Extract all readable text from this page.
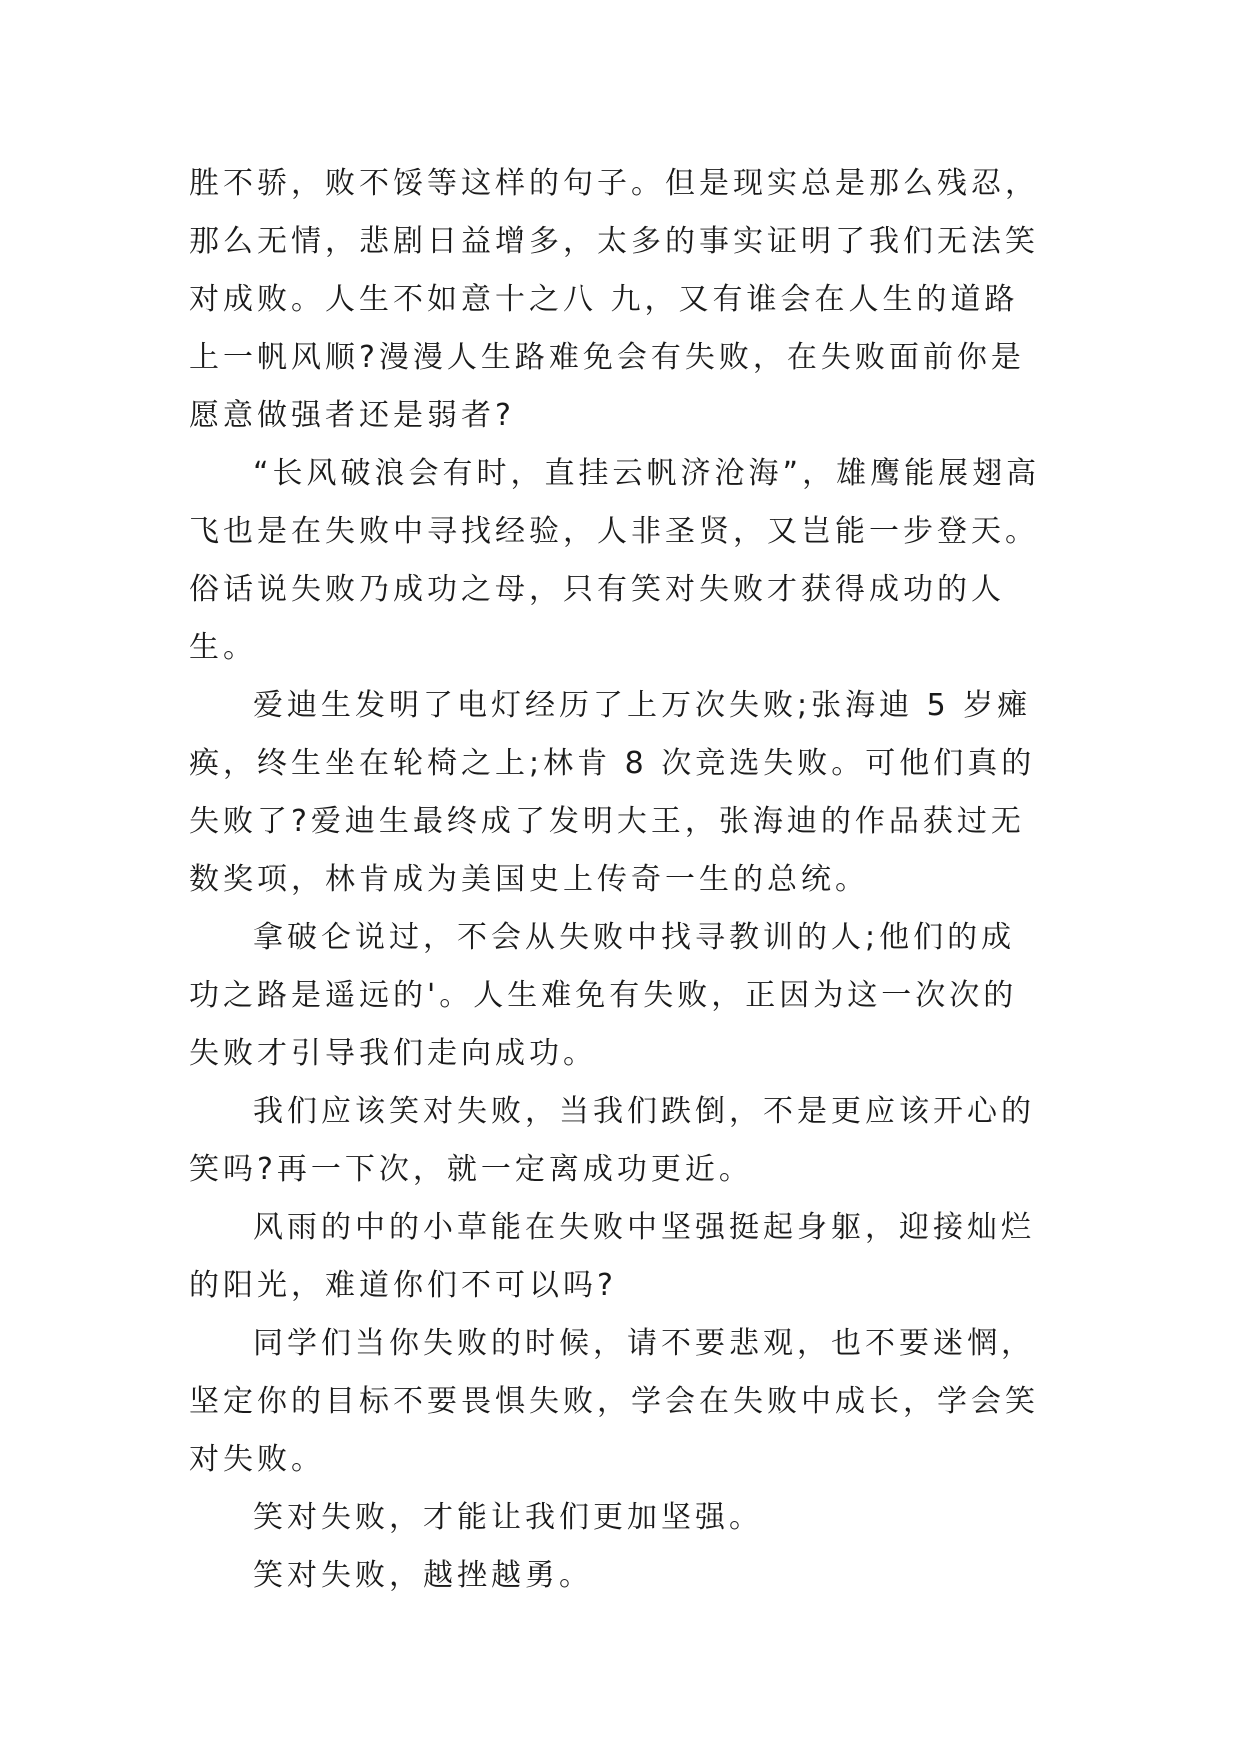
胜不骄，败不馁等这样的句子。但是现实总是那么残忍，那么无情，悲剧日益增多，太多的事实证明了我们无法笑对成败。人生不如意十之八 九，又有谁会在人生的道路上一帆风顺?漫漫人生路难免会有失败，在失败面前你是愿意做强者还是弱者?

“长风破浪会有时，直挂云帆济沧海”，雄鹰能展翅高飞也是在失败中寻找经验，人非圣贤，又岂能一步登天。俗话说失败乃成功之母，只有笑对失败才获得成功的人生。

爱迪生发明了电灯经历了上万次失败;张海迪 5 岁瘫痪，终生坐在轮椅之上;林肯 8 次竞选失败。可他们真的失败了?爱迪生最终成了发明大王，张海迪的作品获过无数奖项，林肯成为美国史上传奇一生的总统。

拿破仑说过，不会从失败中找寻教训的人;他们的成功之路是遥远的'。人生难免有失败，正因为这一次次的失败才引导我们走向成功。

我们应该笑对失败，当我们跌倒，不是更应该开心的笑吗?再一下次，就一定离成功更近。

风雨的中的小草能在失败中坚强挺起身躯，迎接灿烂的阳光，难道你们不可以吗?

同学们当你失败的时候，请不要悲观，也不要迷惘，坚定你的目标不要畏惧失败，学会在失败中成长，学会笑对失败。

笑对失败，才能让我们更加坚强。

笑对失败，越挫越勇。
